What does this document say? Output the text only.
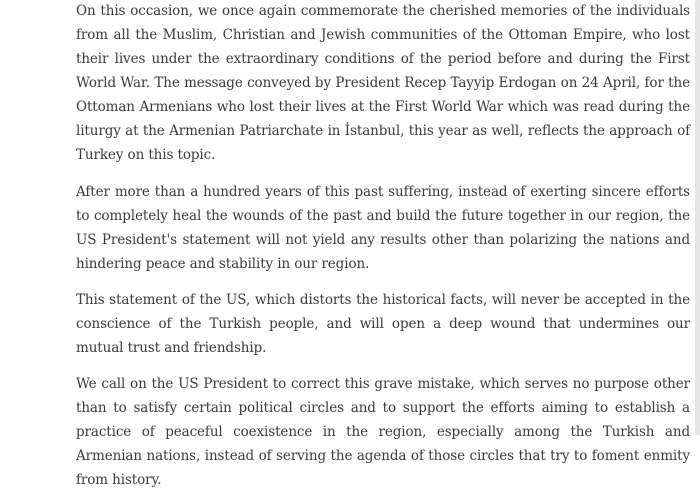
On this occasion, we once again commemorate the cherished memories of the individuals from all the Muslim, Christian and Jewish communities of the Ottoman Empire, who lost their lives under the extraordinary conditions of the period before and during the First World War. The message conveyed by President Recep Tayyip Erdogan on 24 April, for the Ottoman Armenians who lost their lives at the First World War which was read during the liturgy at the Armenian Patriarchate in İstanbul, this year as well, reflects the approach of Turkey on this topic.

After more than a hundred years of this past suffering, instead of exerting sincere efforts to completely heal the wounds of the past and build the future together in our region, the US President's statement will not yield any results other than polarizing the nations and hindering peace and stability in our region.

This statement of the US, which distorts the historical facts, will never be accepted in the conscience of the Turkish people, and will open a deep wound that undermines our mutual trust and friendship.

We call on the US President to correct this grave mistake, which serves no purpose other than to satisfy certain political circles and to support the efforts aiming to establish a practice of peaceful coexistence in the region, especially among the Turkish and Armenian nations, instead of serving the agenda of those circles that try to foment enmity from history.
